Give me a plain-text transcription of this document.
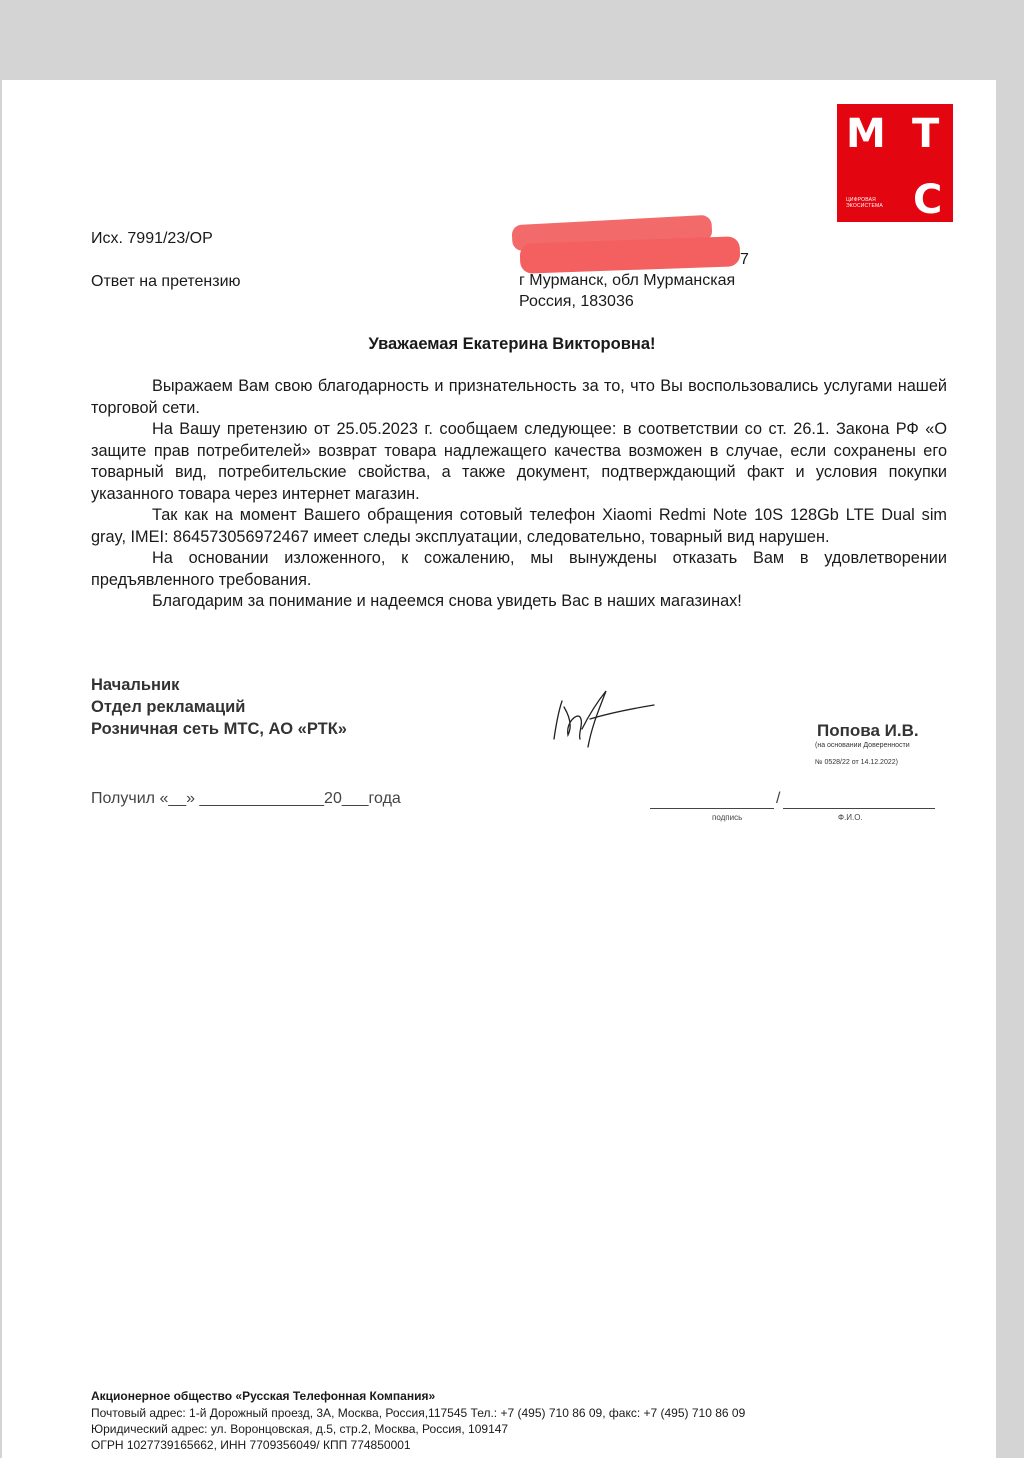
М Т
С
ЦИФРОВАЯ
ЭКОСИСТЕМА
Исх. 7991/23/ОР
Ответ на претензию
7
г Мурманск, обл Мурманская
Россия, 183036
Уважаемая Екатерина Викторовна!

Выражаем Вам свою благодарность и признательность за то, что Вы воспользовались услугами нашей торговой сети.

На Вашу претензию от 25.05.2023 г. сообщаем следующее: в соответствии со ст. 26.1. Закона РФ «О защите прав потребителей» возврат товара надлежащего качества возможен в случае, если сохранены его товарный вид, потребительские свойства, а также документ, подтверждающий факт и условия покупки указанного товара через интернет магазин.

Так как на момент Вашего обращения сотовый телефон Xiaomi Redmi Note 10S 128Gb LTE Dual sim gray, IMEI: 864573056972467 имеет следы эксплуатации, следовательно, товарный вид нарушен.

На основании изложенного, к сожалению, мы вынуждены отказать Вам в удовлетворении предъявленного требования.

Благодарим за понимание и надеемся снова увидеть Вас в наших магазинах!

Начальник
Отдел рекламаций
Розничная сеть МТС, АО «РТК»	Попова И.В.
(на основании Доверенности
№ 0528/22 от 14.12.2022)
Получил «__» ______________20___года	/
подпись	Ф.И.О.
Акционерное общество «Русская Телефонная Компания»
Почтовый адрес: 1-й Дорожный проезд, 3А, Москва, Россия,117545 Тел.: +7 (495) 710 86 09, факс: +7 (495) 710 86 09
Юридический адрес: ул. Воронцовская, д.5, стр.2, Москва, Россия, 109147
ОГРН 1027739165662, ИНН 7709356049/ КПП 774850001
